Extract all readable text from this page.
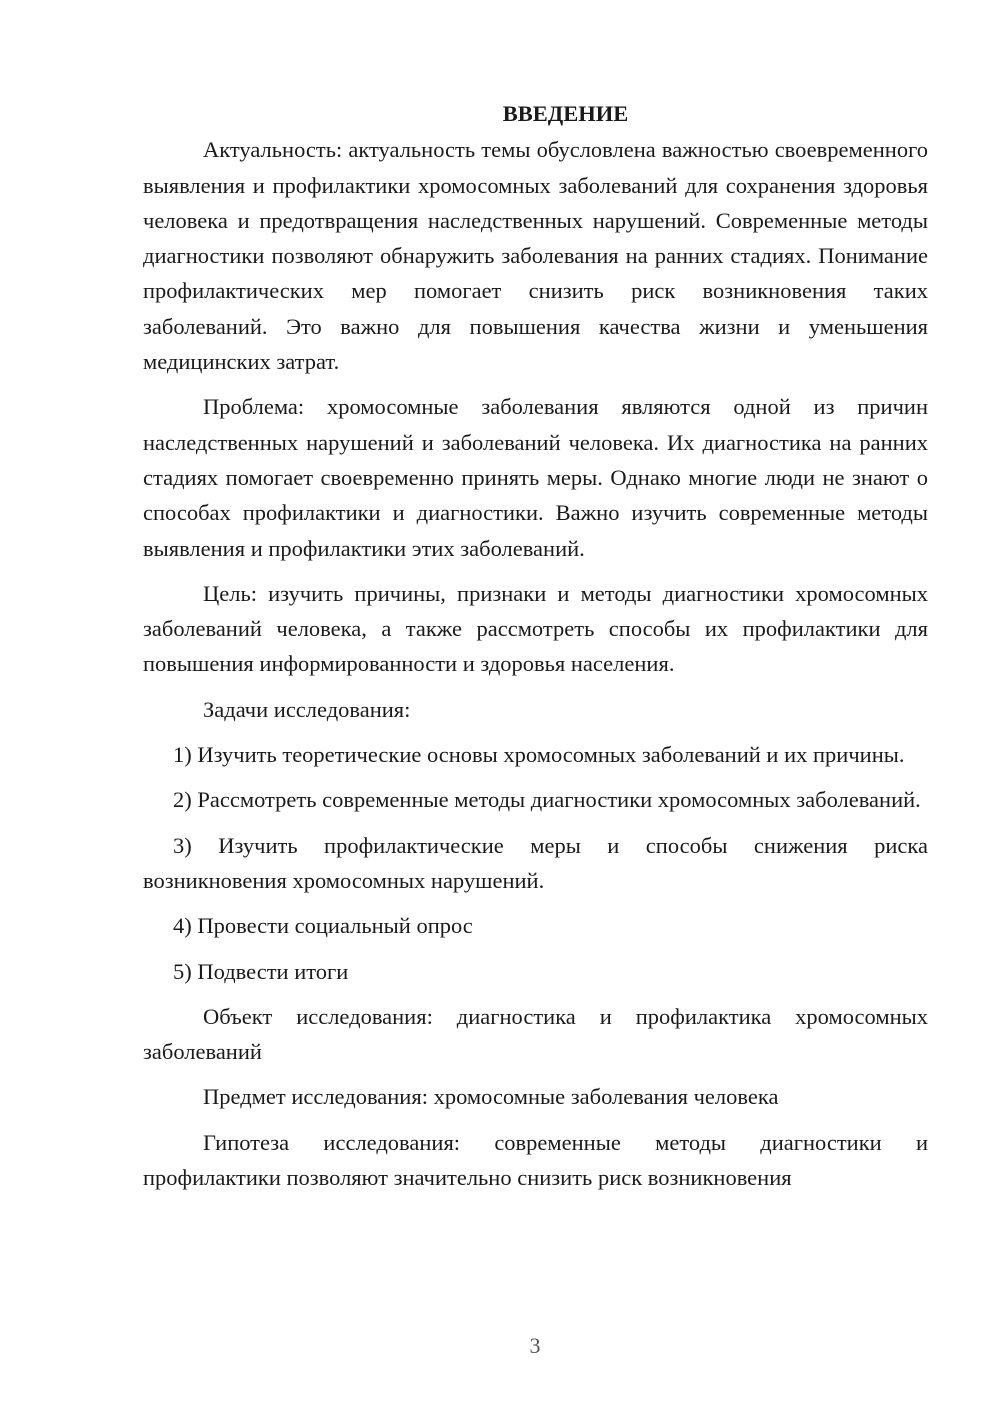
ВВЕДЕНИЕ

Актуальность: актуальность темы обусловлена важностью своевременного выявления и профилактики хромосомных заболеваний для сохранения здоровья человека и предотвращения наследственных нарушений. Современные методы диагностики позволяют обнаружить заболевания на ранних стадиях. Понимание профилактических мер помогает снизить риск возникновения таких заболеваний. Это важно для повышения качества жизни и уменьшения медицинских затрат.

Проблема: хромосомные заболевания являются одной из причин наследственных нарушений и заболеваний человека. Их диагностика на ранних стадиях помогает своевременно принять меры. Однако многие люди не знают о способах профилактики и диагностики. Важно изучить современные методы выявления и профилактики этих заболеваний.

Цель: изучить причины, признаки и методы диагностики хромосомных заболеваний человека, а также рассмотреть способы их профилактики для повышения информированности и здоровья населения.

Задачи исследования:

1) Изучить теоретические основы хромосомных заболеваний и их причины.

2) Рассмотреть современные методы диагностики хромосомных заболеваний.

3) Изучить профилактические меры и способы снижения риска возникновения хромосомных нарушений.

4) Провести социальный опрос

5) Подвести итоги

Объект исследования: диагностика и профилактика хромосомных заболеваний

Предмет исследования: хромосомные заболевания человека

Гипотеза исследования: современные методы диагностики и профилактики позволяют значительно снизить риск возникновения

3
